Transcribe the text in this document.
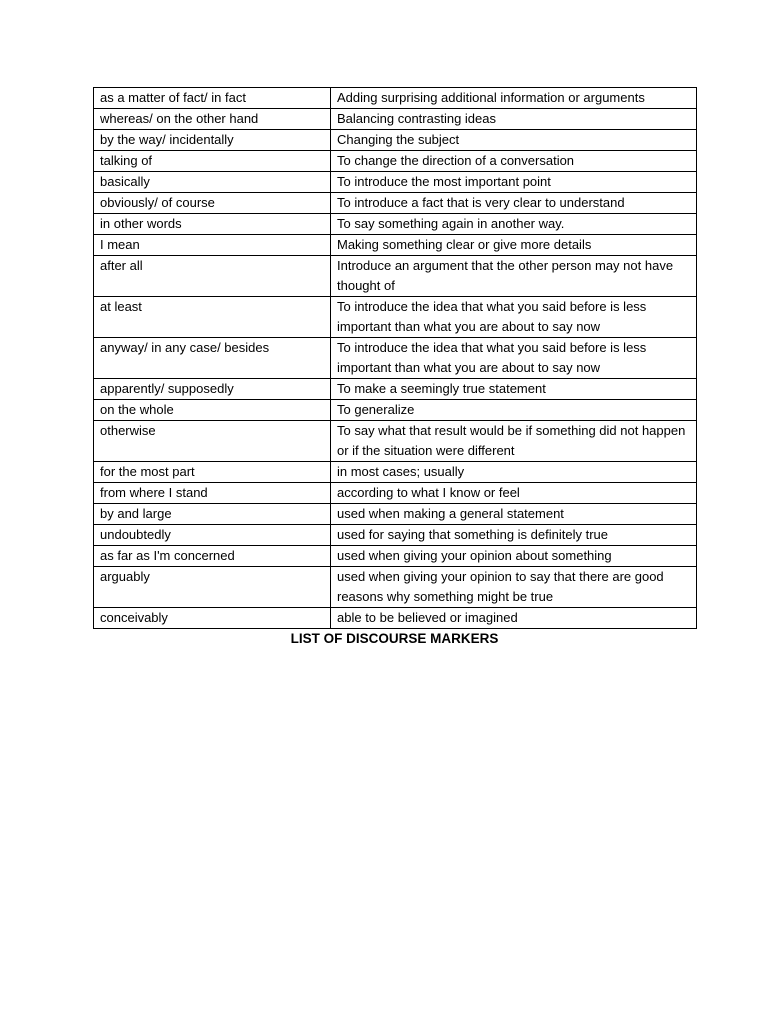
as a matter of fact/ in fact	Adding surprising additional information or arguments
whereas/ on the other hand	Balancing contrasting ideas
by the way/ incidentally	Changing the subject
talking of	To change the direction of a conversation
basically	To introduce the most important point
obviously/ of course	To introduce a fact that is very clear to understand
in other words	To say something again in another way.
I mean	Making something clear or give more details
after all	Introduce an argument that the other person may not have thought of
at least	To introduce the idea that what you said before is less important than what you are about to say now
anyway/ in any case/ besides	To introduce the idea that what you said before is less important than what you are about to say now
apparently/ supposedly	To make a seemingly true statement
on the whole	To generalize
otherwise	To say what that result would be if something did not happen or if the situation were different
for the most part	in most cases; usually
from where I stand	according to what I know or feel
by and large	used when making a general statement
undoubtedly	used for saying that something is definitely true
as far as I'm concerned	used when giving your opinion about something
arguably	used when giving your opinion to say that there are good reasons why something might be true
conceivably	able to be believed or imagined
LIST OF DISCOURSE MARKERS
